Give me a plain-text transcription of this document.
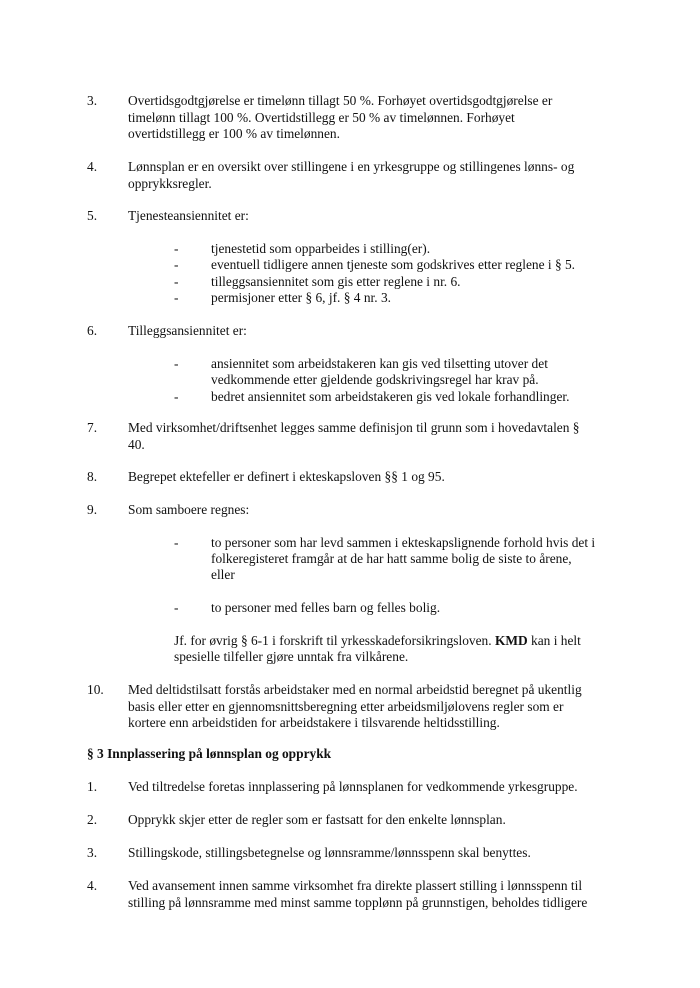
3.	Overtidsgodtgjørelse er timelønn tillagt 50 %. Forhøyet overtidsgodtgjørelse er
timelønn tillagt 100 %. Overtidstillegg er 50 % av timelønnen. Forhøyet
overtidstillegg er 100 % av timelønnen.
4.	Lønnsplan er en oversikt over stillingene i en yrkesgruppe og stillingenes lønns- og
opprykksregler.
5.	Tjenesteansiennitet er:
-	tjenestetid som opparbeides i stilling(er).
-	eventuell tidligere annen tjeneste som godskrives etter reglene i § 5.
-	tilleggsansiennitet som gis etter reglene i nr. 6.
-	permisjoner etter § 6, jf. § 4 nr. 3.
6.	Tilleggsansiennitet er:
-	ansiennitet som arbeidstakeren kan gis ved tilsetting utover det
vedkommende etter gjeldende godskrivingsregel har krav på.
-	bedret ansiennitet som arbeidstakeren gis ved lokale forhandlinger.
7.	Med virksomhet/driftsenhet legges samme definisjon til grunn som i hovedavtalen §
40.
8.	Begrepet ektefeller er definert i ekteskapsloven §§ 1 og 95.
9.	Som samboere regnes:
-	to personer som har levd sammen i ekteskapslignende forhold hvis det i
folkeregisteret framgår at de har hatt samme bolig de siste to årene,
eller
-	to personer med felles barn og felles bolig.
Jf. for øvrig § 6-1 i forskrift til yrkesskadeforsikringsloven. KMD kan i helt
spesielle tilfeller gjøre unntak fra vilkårene.
10.	Med deltidstilsatt forstås arbeidstaker med en normal arbeidstid beregnet på ukentlig
basis eller etter en gjennomsnittsberegning etter arbeidsmiljølovens regler som er
kortere enn arbeidstiden for arbeidstakere i tilsvarende heltidsstilling.
§ 3 Innplassering på lønnsplan og opprykk
1.	Ved tiltredelse foretas innplassering på lønnsplanen for vedkommende yrkesgruppe.
2.	Opprykk skjer etter de regler som er fastsatt for den enkelte lønnsplan.
3.	Stillingskode, stillingsbetegnelse og lønnsramme/lønnsspenn skal benyttes.
4.	Ved avansement innen samme virksomhet fra direkte plassert stilling i lønnsspenn til
stilling på lønnsramme med minst samme topplønn på grunnstigen, beholdes tidligere
